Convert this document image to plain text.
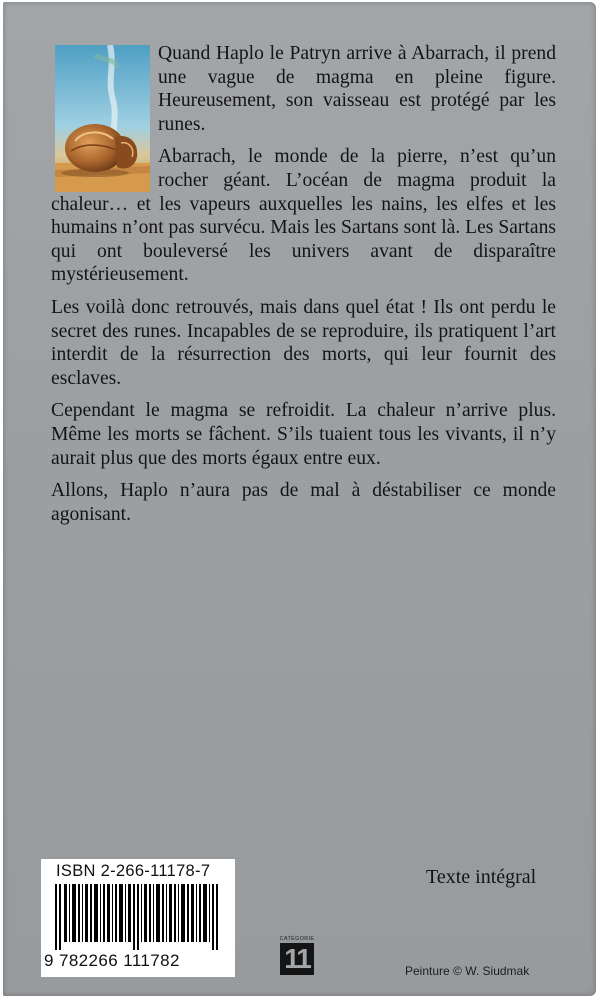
Quand Haplo le Patryn arrive à Abarrach, il prend une vague de magma en pleine figure. Heureusement, son vaisseau est protégé par les runes.

Abarrach, le monde de la pierre, n’est qu’un rocher géant. L’océan de magma produit la chaleur… et les vapeurs auxquelles les nains, les elfes et les humains n’ont pas survécu. Mais les Sartans sont là. Les Sartans qui ont bouleversé les univers avant de disparaître mystérieusement.

Les voilà donc retrouvés, mais dans quel état ! Ils ont perdu le secret des runes. Incapables de se reproduire, ils pratiquent l’art interdit de la résurrection des morts, qui leur fournit des esclaves.

Cependant le magma se refroidit. La chaleur n’arrive plus. Même les morts se fâchent. S’ils tuaient tous les vivants, il n’y aurait plus que des morts égaux entre eux.

Allons, Haplo n’aura pas de mal à déstabiliser ce monde agonisant.

ISBN 2-266-11178-7
9 782266 111782
CATÉGORIE
11
Texte intégral
Peinture © W. Siudmak
